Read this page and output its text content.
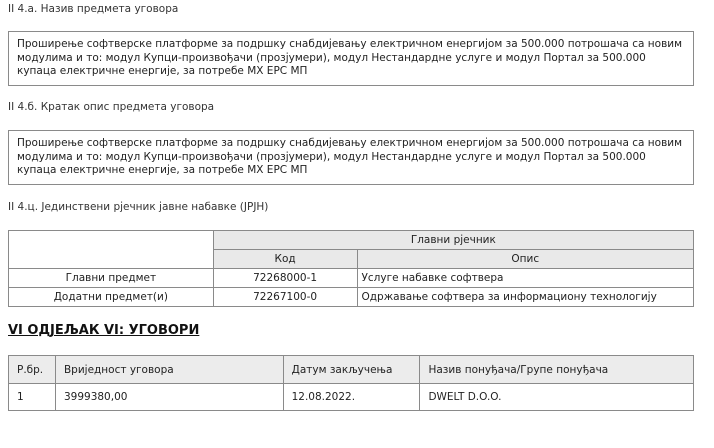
II 4.а. Назив предмета уговора
Проширење софтверске платформе за подршку снабдијевању електричном енергијом за 500.000 потрошача са новим модулима и то: модул Купци-произвођачи (прозјумери), модул Нестандардне услуге и модул Портал за 500.000 купаца електричне енергије, за потребе МХ ЕРС МП
II 4.б. Кратак опис предмета уговора
Проширење софтверске платформе за подршку снабдијевању електричном енергијом за 500.000 потрошача са новим модулима и то: модул Купци-произвођачи (прозјумери), модул Нестандардне услуге и модул Портал за 500.000 купаца електричне енергије, за потребе МХ ЕРС МП
II 4.ц. Јединствени рјечник јавне набавке (ЈРЈН)
	Главни рјечник	
	Код	Опис
Главни предмет	72268000-1	Услуге набавке софтвера
Додатни предмет(и)	72267100-0	Одржавање софтвера за информациону технологију
VI ОДЈЕЉАК VI: УГОВОРИ
Р.бр.	Вриједност уговора	Датум закључења	Назив понуђача/Групе понуђача
1	3999380,00	12.08.2022.	DWELT D.O.O.
